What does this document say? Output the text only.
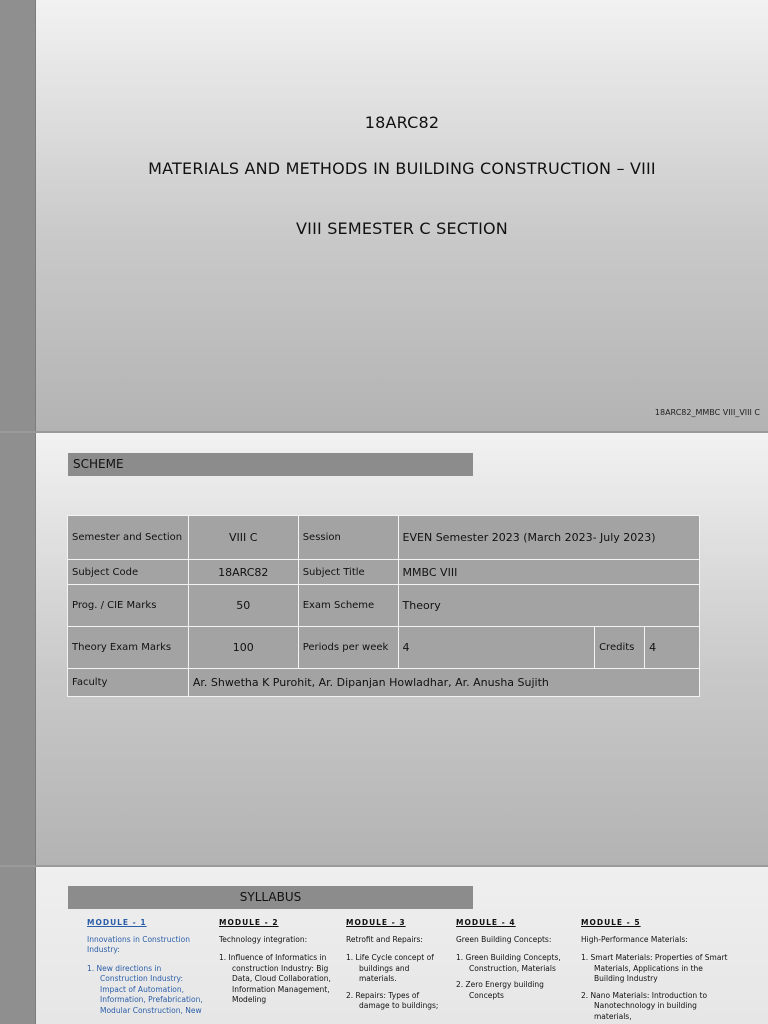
18ARC82
MATERIALS AND METHODS IN BUILDING CONSTRUCTION – VIII
VIII SEMESTER C SECTION
18ARC82_MMBC VIII_VIII C
SCHEME
Semester and Section	VIII C	Session	EVEN Semester 2023 (March 2023- July 2023)		
Subject Code	18ARC82	Subject Title	MMBC VIII		
Prog. / CIE Marks	50	Exam Scheme	Theory		
Theory Exam Marks	100	Periods per week	4	Credits	4
Faculty	Ar. Shwetha K Purohit, Ar. Dipanjan Howladhar, Ar. Anusha Sujith				
SYLLABUS
MODULE - 1
Innovations in Construction Industry:
1. New directions in Construction Industry: Impact of Automation, Information, Prefabrication, Modular Construction, New
MODULE - 2
Technology integration:
1. Influence of Informatics in construction Industry: Big Data, Cloud Collaboration, Information Management, Modeling
MODULE - 3
Retrofit and Repairs:
1. Life Cycle concept of buildings and materials.
2. Repairs: Types of damage to buildings;
MODULE - 4
Green Building Concepts:
1. Green Building Concepts, Construction, Materials
2. Zero Energy building Concepts
MODULE - 5
High-Performance Materials:
1. Smart Materials: Properties of Smart Materials, Applications in the Building Industry
2. Nano Materials: Introduction to Nanotechnology in building materials,
